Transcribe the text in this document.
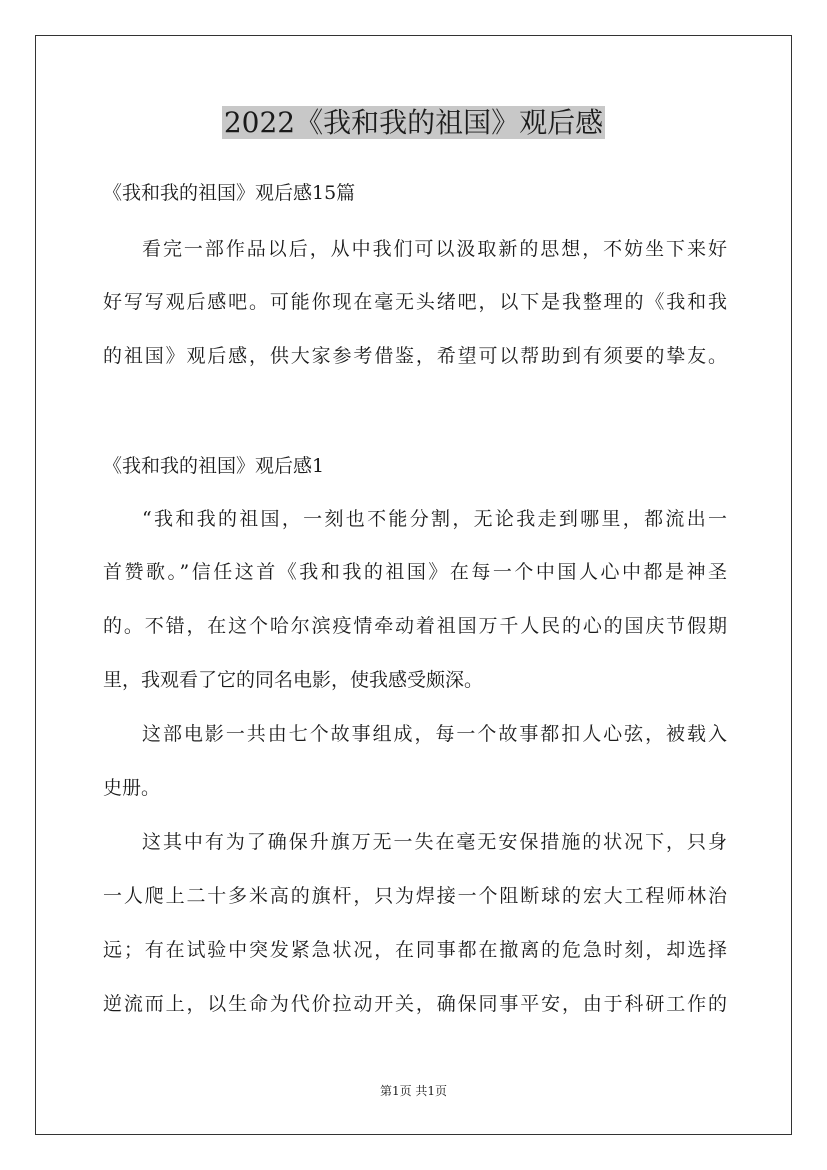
2022《我和我的祖国》观后感

《我和我的祖国》观后感15篇

看完一部作品以后，从中我们可以汲取新的思想，不妨坐下来好

好写写观后感吧。可能你现在毫无头绪吧，以下是我整理的《我和我

的祖国》观后感，供大家参考借鉴，希望可以帮助到有须要的挚友。

《我和我的祖国》观后感1

“我和我的祖国，一刻也不能分割，无论我走到哪里，都流出一

首赞歌。”信任这首《我和我的祖国》在每一个中国人心中都是神圣

的。不错，在这个哈尔滨疫情牵动着祖国万千人民的心的国庆节假期

里，我观看了它的同名电影，使我感受颇深。

这部电影一共由七个故事组成，每一个故事都扣人心弦，被载入

史册。

这其中有为了确保升旗万无一失在毫无安保措施的状况下，只身

一人爬上二十多米高的旗杆，只为焊接一个阻断球的宏大工程师林治

远；有在试验中突发紧急状况，在同事都在撤离的危急时刻，却选择

逆流而上，以生命为代价拉动开关，确保同事平安，由于科研工作的

第1页 共1页
